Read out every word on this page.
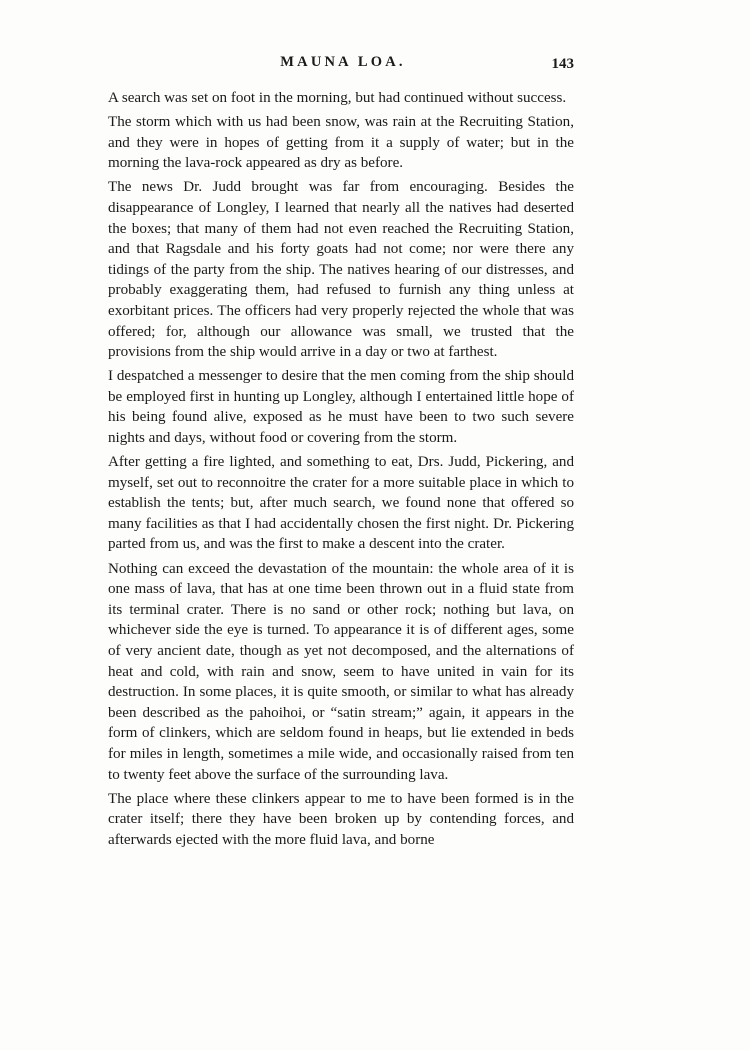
MAUNA LOA.	143

A search was set on foot in the morning, but had continued without success.

The storm which with us had been snow, was rain at the Recruiting Station, and they were in hopes of getting from it a supply of water; but in the morning the lava-rock appeared as dry as before.

The news Dr. Judd brought was far from encouraging. Besides the disappearance of Longley, I learned that nearly all the natives had deserted the boxes; that many of them had not even reached the Recruiting Station, and that Ragsdale and his forty goats had not come; nor were there any tidings of the party from the ship. The natives hearing of our distresses, and probably exaggerating them, had refused to furnish any thing unless at exorbitant prices. The officers had very properly rejected the whole that was offered; for, although our allowance was small, we trusted that the provisions from the ship would arrive in a day or two at farthest.

I despatched a messenger to desire that the men coming from the ship should be employed first in hunting up Longley, although I entertained little hope of his being found alive, exposed as he must have been to two such severe nights and days, without food or covering from the storm.

After getting a fire lighted, and something to eat, Drs. Judd, Pickering, and myself, set out to reconnoitre the crater for a more suitable place in which to establish the tents; but, after much search, we found none that offered so many facilities as that I had accidentally chosen the first night. Dr. Pickering parted from us, and was the first to make a descent into the crater.

Nothing can exceed the devastation of the mountain: the whole area of it is one mass of lava, that has at one time been thrown out in a fluid state from its terminal crater. There is no sand or other rock; nothing but lava, on whichever side the eye is turned. To appearance it is of different ages, some of very ancient date, though as yet not decomposed, and the alternations of heat and cold, with rain and snow, seem to have united in vain for its destruction. In some places, it is quite smooth, or similar to what has already been described as the pahoihoi, or “satin stream;” again, it appears in the form of clinkers, which are seldom found in heaps, but lie extended in beds for miles in length, sometimes a mile wide, and occasionally raised from ten to twenty feet above the surface of the surrounding lava.

The place where these clinkers appear to me to have been formed is in the crater itself; there they have been broken up by contending forces, and afterwards ejected with the more fluid lava, and borne
